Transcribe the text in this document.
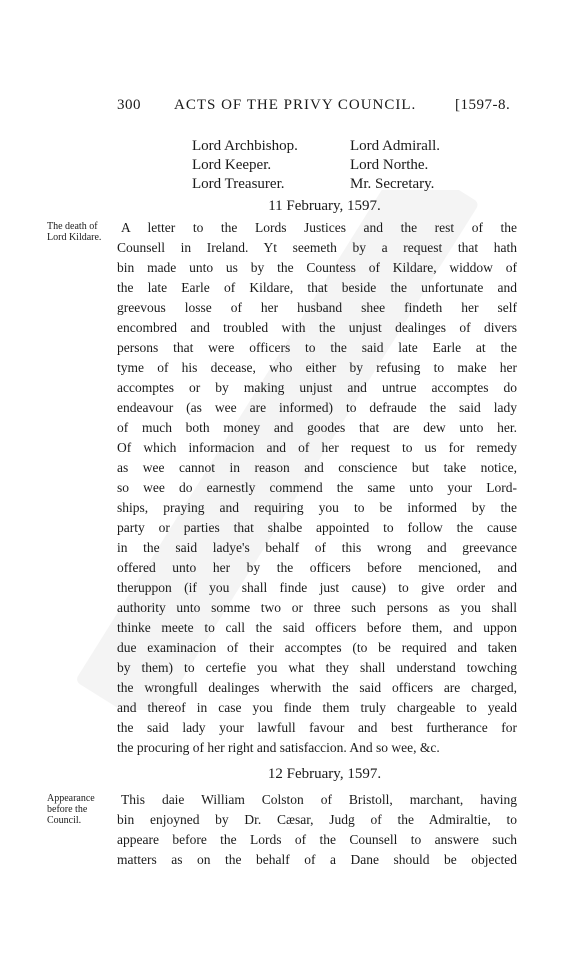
300 ACTS OF THE PRIVY COUNCIL.	[1597-8.
Lord Archbishop.	Lord Admirall.
Lord Keeper.	Lord Northe.
Lord Treasurer.	Mr. Secretary.
11 February, 1597.
The death of
Lord Kildare.
A letter to the Lords Justices and the rest of the
Counsell in Ireland. Yt seemeth by a request that hath
bin made unto us by the Countess of Kildare, widdow of
the late Earle of Kildare, that beside the unfortunate and
greevous losse of her husband shee findeth her self
encombred and troubled with the unjust dealinges of divers
persons that were officers to the said late Earle at the
tyme of his decease, who either by refusing to make her
accomptes or by making unjust and untrue accomptes do
endeavour (as wee are informed) to defraude the said lady
of much both money and goodes that are dew unto her.
Of which informacion and of her request to us for remedy
as wee cannot in reason and conscience but take notice,
so wee do earnestly commend the same unto your Lord-
ships, praying and requiring you to be informed by the
party or parties that shalbe appointed to follow the cause
in the said ladye's behalf of this wrong and greevance
offered unto her by the officers before mencioned, and
theruppon (if you shall finde just cause) to give order and
authority unto somme two or three such persons as you shall
thinke meete to call the said officers before them, and uppon
due examinacion of their accomptes (to be required and taken
by them) to certefie you what they shall understand towching
the wrongfull dealinges wherwith the said officers are charged,
and thereof in case you finde them truly chargeable to yeald
the said lady your lawfull favour and best furtherance for
the procuring of her right and satisfaccion. And so wee, &c.
12 February, 1597.
Appearance
before the
Council.
This daie William Colston of Bristoll, marchant, having
bin enjoyned by Dr. Cæsar, Judg of the Admiraltie, to
appeare before the Lords of the Counsell to answere such
matters as on the behalf of a Dane should be objected
